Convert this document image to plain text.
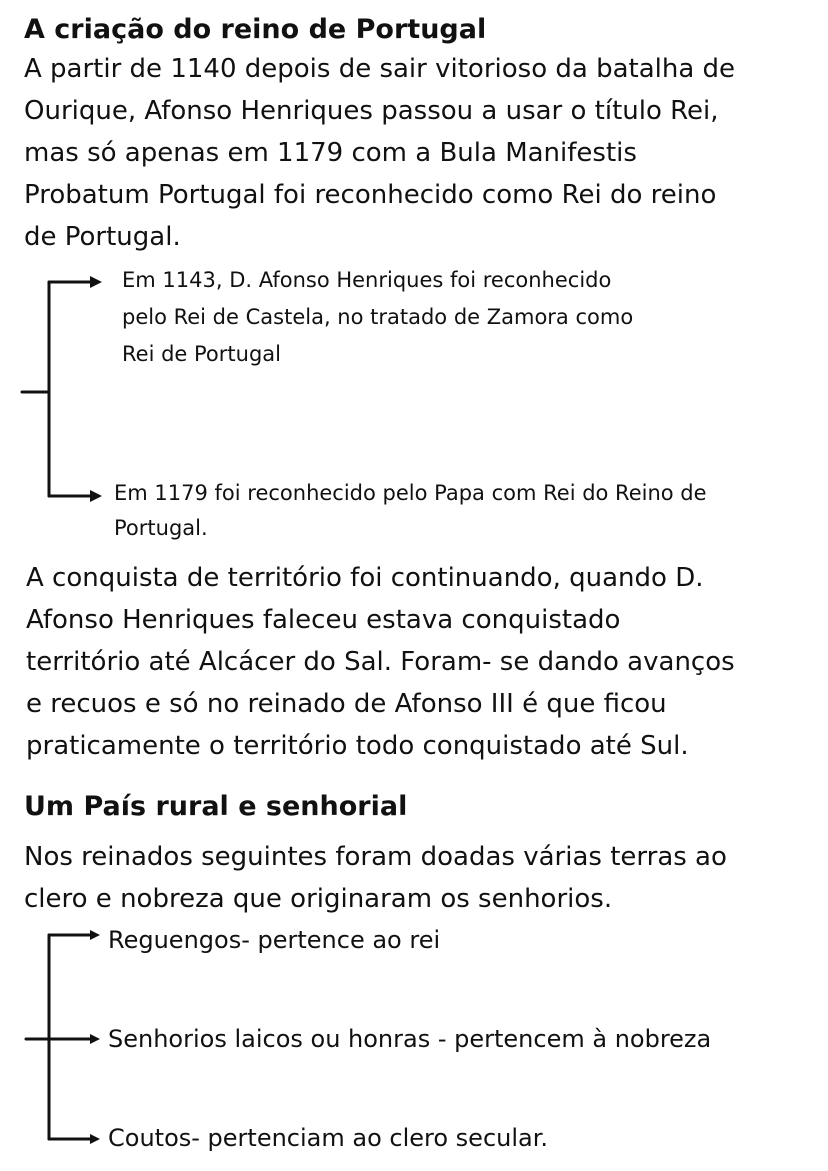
A criação do reino de Portugal

A partir de 1140 depois de sair vitorioso da batalha de
Ourique, Afonso Henriques passou a usar o título Rei,
mas só apenas em 1179 com a Bula Manifestis
Probatum Portugal foi reconhecido como Rei do reino
de Portugal.

Em 1143, D. Afonso Henriques foi reconhecido
pelo Rei de Castela, no tratado de Zamora como
Rei de Portugal

Em 1179 foi reconhecido pelo Papa com Rei do Reino de
Portugal.

A conquista de território foi continuando, quando D.
Afonso Henriques faleceu estava conquistado
território até Alcácer do Sal. Foram- se dando avanços
e recuos e só no reinado de Afonso III é que ficou
praticamente o território todo conquistado até Sul.

Um País rural e senhorial

Nos reinados seguintes foram doadas várias terras ao
clero e nobreza que originaram os senhorios.

Reguengos- pertence ao rei

Senhorios laicos ou honras - pertencem à nobreza

Coutos- pertenciam ao clero secular.
